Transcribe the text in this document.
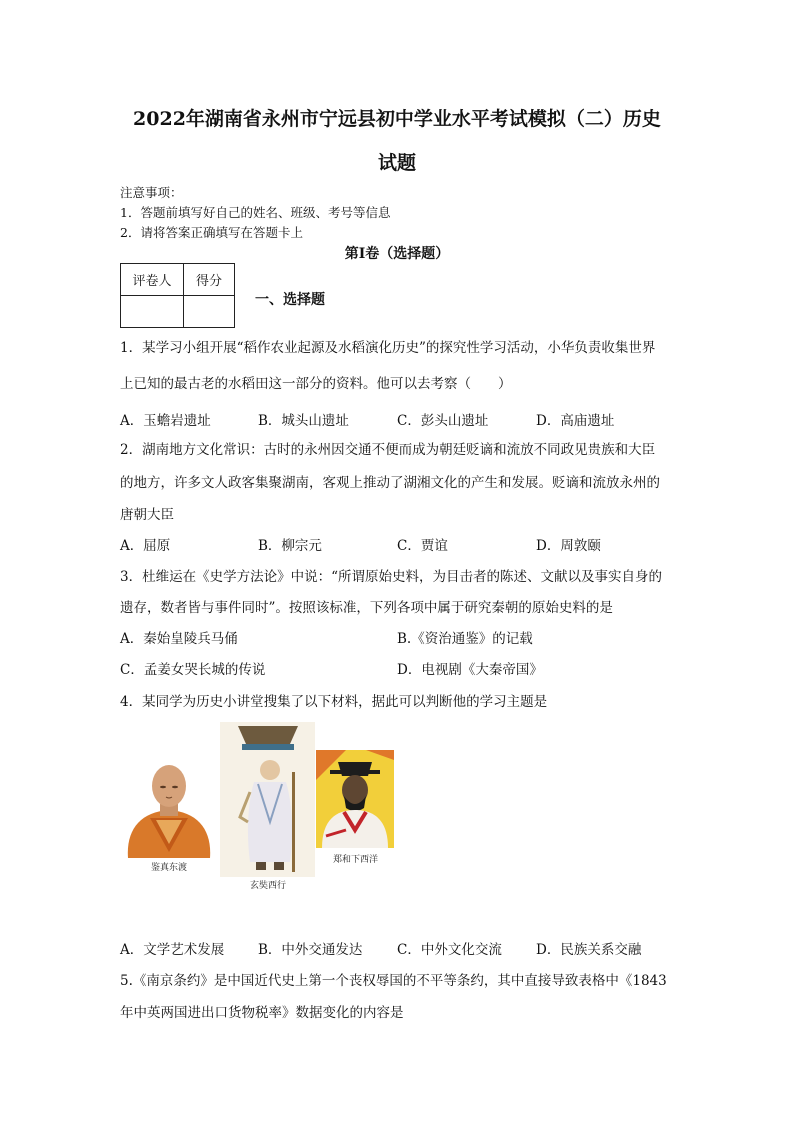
2022年湖南省永州市宁远县初中学业水平考试模拟（二）历史
试题
注意事项：
1．答题前填写好自己的姓名、班级、考号等信息
2．请将答案正确填写在答题卡上
第I卷（选择题）
评卷人	得分

一、选择题
1．某学习小组开展“稻作农业起源及水稻演化历史”的探究性学习活动，小华负责收集世界
上已知的最古老的水稻田这一部分的资料。他可以去考察（　　）
A．玉蟾岩遗址	B．城头山遗址	C．彭头山遗址	D．高庙遗址
2．湖南地方文化常识：古时的永州因交通不便而成为朝廷贬谪和流放不同政见贵族和大臣
的地方，许多文人政客集聚湖南，客观上推动了湖湘文化的产生和发展。贬谪和流放永州的
唐朝大臣
A．屈原	B．柳宗元	C．贾谊	D．周敦颐
3．杜维运在《史学方法论》中说：“所谓原始史料，为目击者的陈述、文献以及事实自身的
遗存，数者皆与事件同时”。按照该标准，下列各项中属于研究秦朝的原始史料的是
A．秦始皇陵兵马俑	B.《资治通鉴》的记载
C．孟姜女哭长城的传说	D．电视剧《大秦帝国》
4．某同学为历史小讲堂搜集了以下材料，据此可以判断他的学习主题是
鉴真东渡
玄奘西行
郑和下西洋
A．文学艺术发展	B．中外交通发达	C．中外文化交流	D．民族关系交融
5.《南京条约》是中国近代史上第一个丧权辱国的不平等条约，其中直接导致表格中《1843
年中英两国进出口货物税率》数据变化的内容是
